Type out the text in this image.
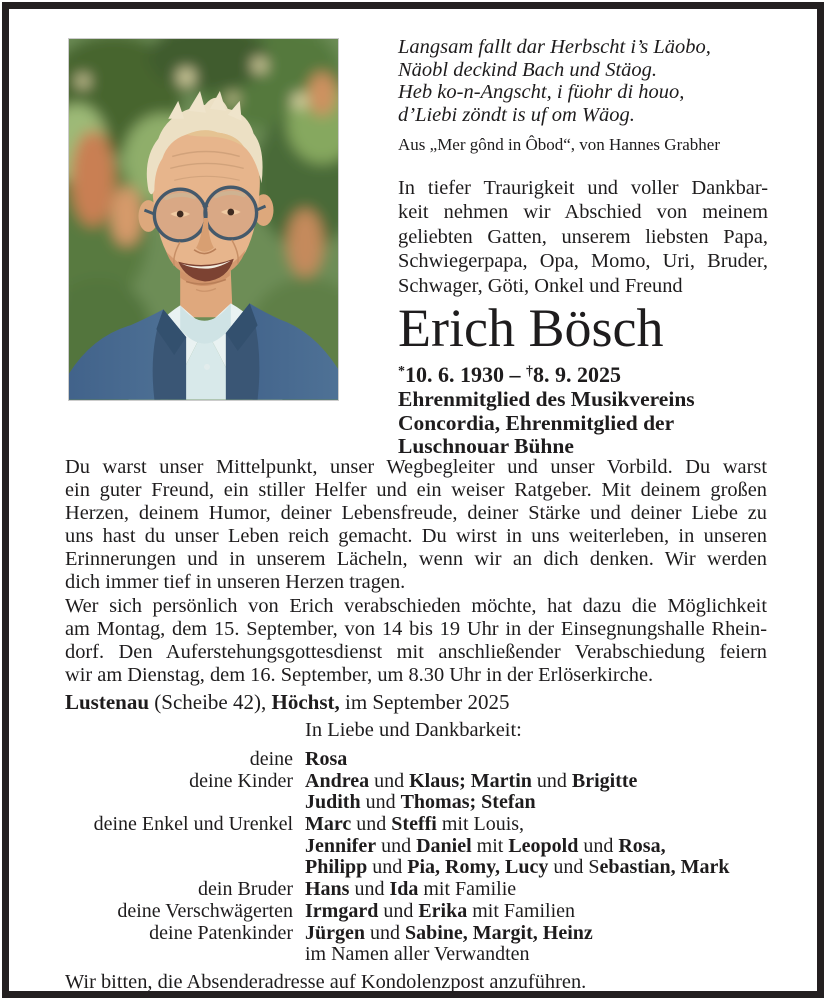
Langsam fallt dar Herbscht i’s Läobo,
Näobl deckind Bach und Stäog.
Heb ko-n-Angscht, i füohr di houo,
d’Liebi zöndt is uf om Wäog.
Aus „Mer gônd in Ôbod“, von Hannes Grabher
In tiefer Traurigkeit und voller Dankbar-
keit nehmen wir Abschied von meinem
geliebten Gatten, unserem liebsten Papa,
Schwiegerpapa, Opa, Momo, Uri, Bruder,
Schwager, Göti, Onkel und Freund
Erich Bösch
*10. 6. 1930 – †8. 9. 2025
Ehrenmitglied des Musikvereins
Concordia, Ehrenmitglied der
Luschnouar Bühne
Du warst unser Mittelpunkt, unser Wegbegleiter und unser Vorbild. Du warst
ein guter Freund, ein stiller Helfer und ein weiser Ratgeber. Mit deinem großen
Herzen, deinem Humor, deiner Lebensfreude, deiner Stärke und deiner Liebe zu
uns hast du unser Leben reich gemacht. Du wirst in uns weiterleben, in unseren
Erinnerungen und in unserem Lächeln, wenn wir an dich denken. Wir werden
dich immer tief in unseren Herzen tragen.
Wer sich persönlich von Erich verabschieden möchte, hat dazu die Möglichkeit
am Montag, dem 15. September, von 14 bis 19 Uhr in der Einsegnungshalle Rhein-
dorf. Den Auferstehungsgottesdienst mit anschließender Verabschiedung feiern
wir am Dienstag, dem 16. September, um 8.30 Uhr in der Erlöserkirche.
Lustenau (Scheibe 42), Höchst, im September 2025
In Liebe und Dankbarkeit:
deine Rosa
deine Kinder Andrea und Klaus; Martin und Brigitte
Judith und Thomas; Stefan
deine Enkel und Urenkel Marc und Steffi mit Louis,
Jennifer und Daniel mit Leopold und Rosa,
Philipp und Pia, Romy, Lucy und Sebastian, Mark
dein Bruder Hans und Ida mit Familie
deine Verschwägerten Irmgard und Erika mit Familien
deine Patenkinder Jürgen und Sabine, Margit, Heinz
im Namen aller Verwandten
Wir bitten, die Absenderadresse auf Kondolenzpost anzuführen.
